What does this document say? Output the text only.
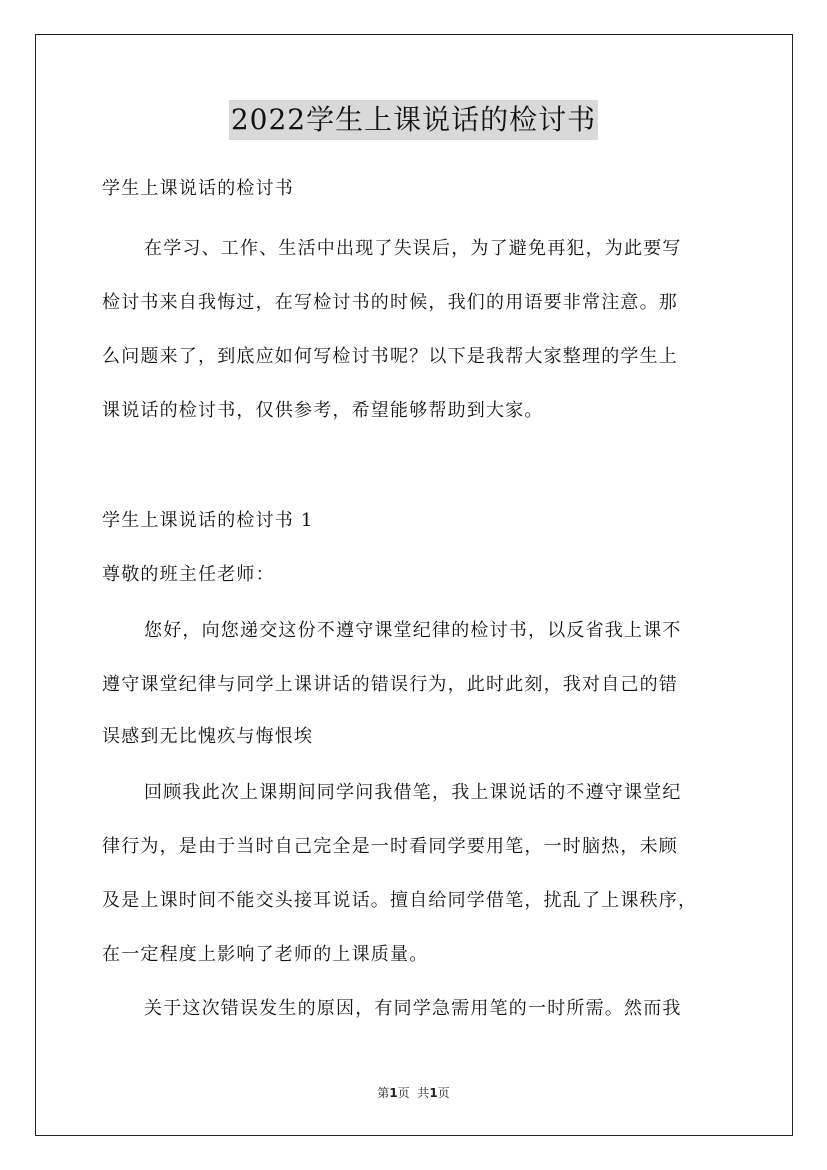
2022学生上课说话的检讨书
学生上课说话的检讨书
在学习、工作、生活中出现了失误后，为了避免再犯，为此要写
检讨书来自我悔过，在写检讨书的时候，我们的用语要非常注意。那
么问题来了，到底应如何写检讨书呢？以下是我帮大家整理的学生上
课说话的检讨书，仅供参考，希望能够帮助到大家。
学生上课说话的检讨书 1
尊敬的班主任老师：
您好，向您递交这份不遵守课堂纪律的检讨书，以反省我上课不
遵守课堂纪律与同学上课讲话的错误行为，此时此刻，我对自己的错
误感到无比愧疚与悔恨埃
回顾我此次上课期间同学问我借笔，我上课说话的不遵守课堂纪
律行为，是由于当时自己完全是一时看同学要用笔，一时脑热，未顾
及是上课时间不能交头接耳说话。擅自给同学借笔，扰乱了上课秩序，
在一定程度上影响了老师的上课质量。
关于这次错误发生的原因，有同学急需用笔的一时所需。然而我
第1页  共1页
